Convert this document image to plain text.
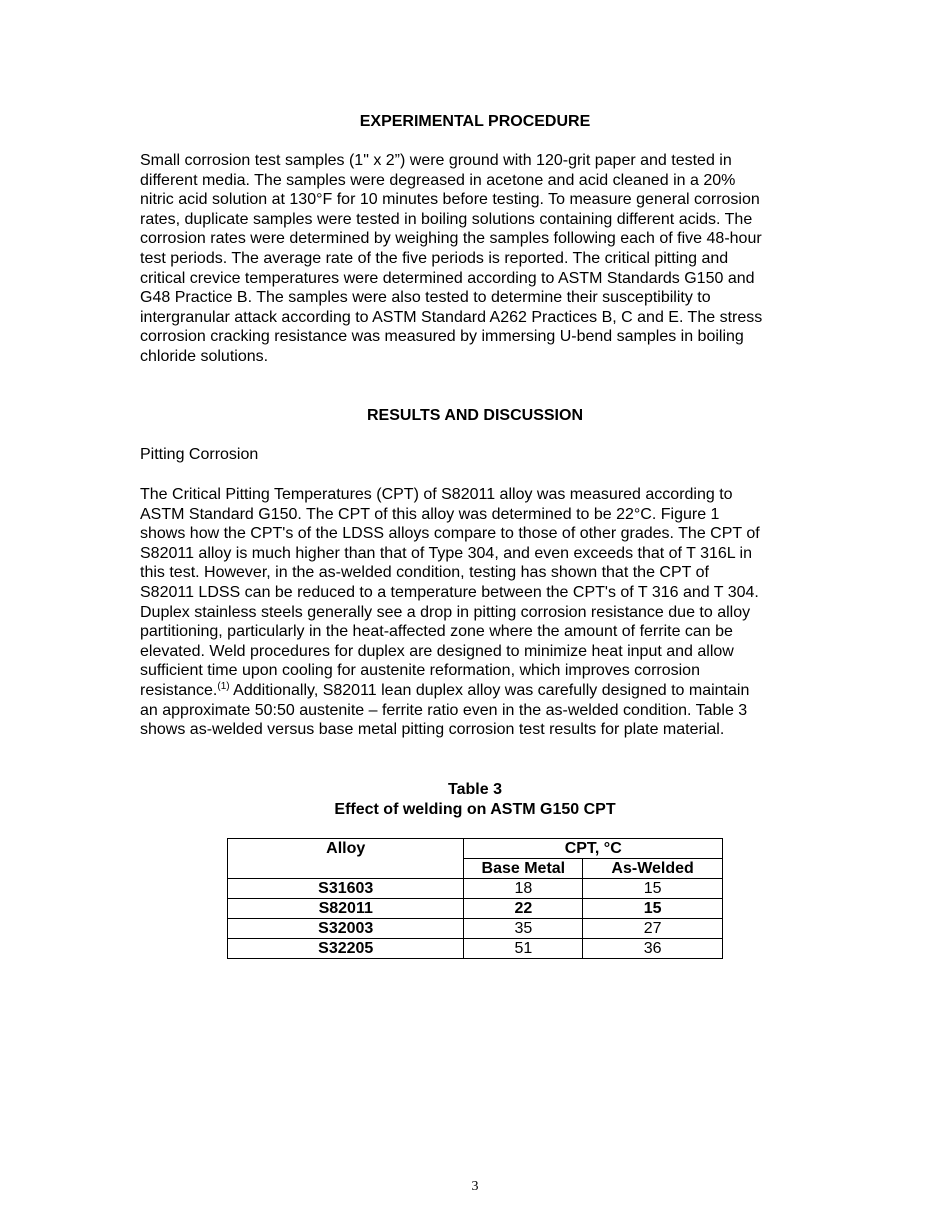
EXPERIMENTAL PROCEDURE

Small corrosion test samples (1" x 2”) were ground with 120-grit paper and tested in
different media. The samples were degreased in acetone and acid cleaned in a 20%
nitric acid solution at 130°F for 10 minutes before testing. To measure general corrosion
rates, duplicate samples were tested in boiling solutions containing different acids. The
corrosion rates were determined by weighing the samples following each of five 48-hour
test periods. The average rate of the five periods is reported. The critical pitting and
critical crevice temperatures were determined according to ASTM Standards G150 and
G48 Practice B. The samples were also tested to determine their susceptibility to
intergranular attack according to ASTM Standard A262 Practices B, C and E. The stress
corrosion cracking resistance was measured by immersing U-bend samples in boiling
chloride solutions.

RESULTS AND DISCUSSION

Pitting Corrosion

The Critical Pitting Temperatures (CPT) of S82011 alloy was measured according to
ASTM Standard G150. The CPT of this alloy was determined to be 22°C. Figure 1
shows how the CPT's of the LDSS alloys compare to those of other grades. The CPT of
S82011 alloy is much higher than that of Type 304, and even exceeds that of T 316L in
this test. However, in the as-welded condition, testing has shown that the CPT of
S82011 LDSS can be reduced to a temperature between the CPT's of T 316 and T 304.
Duplex stainless steels generally see a drop in pitting corrosion resistance due to alloy
partitioning, particularly in the heat-affected zone where the amount of ferrite can be
elevated. Weld procedures for duplex are designed to minimize heat input and allow
sufficient time upon cooling for austenite reformation, which improves corrosion
resistance.$^{(1)}$ Additionally, S82011 lean duplex alloy was carefully designed to maintain
an approximate 50:50 austenite – ferrite ratio even in the as-welded condition. Table 3
shows as-welded versus base metal pitting corrosion test results for plate material.

Table 3

Effect of welding on ASTM G150 CPT

Alloy	CPT, °C	
	Base Metal	As-Welded
S31603	18	15
S82011	22	15
S32003	35	27
S32205	51	36
3
